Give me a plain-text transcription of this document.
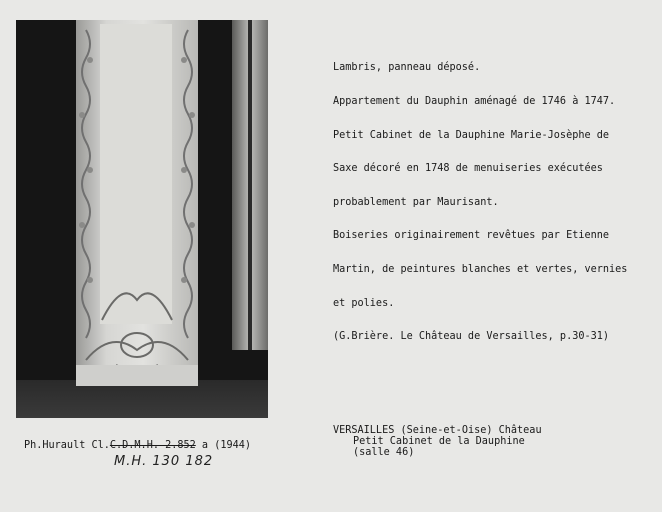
Lambris, panneau déposé.

Appartement du Dauphin aménagé de 1746 à 1747.

Petit Cabinet de la Dauphine Marie-Josèphe de

Saxe décoré en 1748 de menuiseries exécutées

probablement par Maurisant.

Boiseries originairement revêtues par Etienne

Martin, de peintures blanches et vertes, vernies

et polies.

(G.Brière. Le Château de Versailles, p.30-31)

VERSAILLES (Seine-et-Oise) Château
Petit Cabinet de la Dauphine
(salle 46)
Ph.Hurault Cl.C.D.M.H. 2.852 a (1944)
M.H. 130 182
